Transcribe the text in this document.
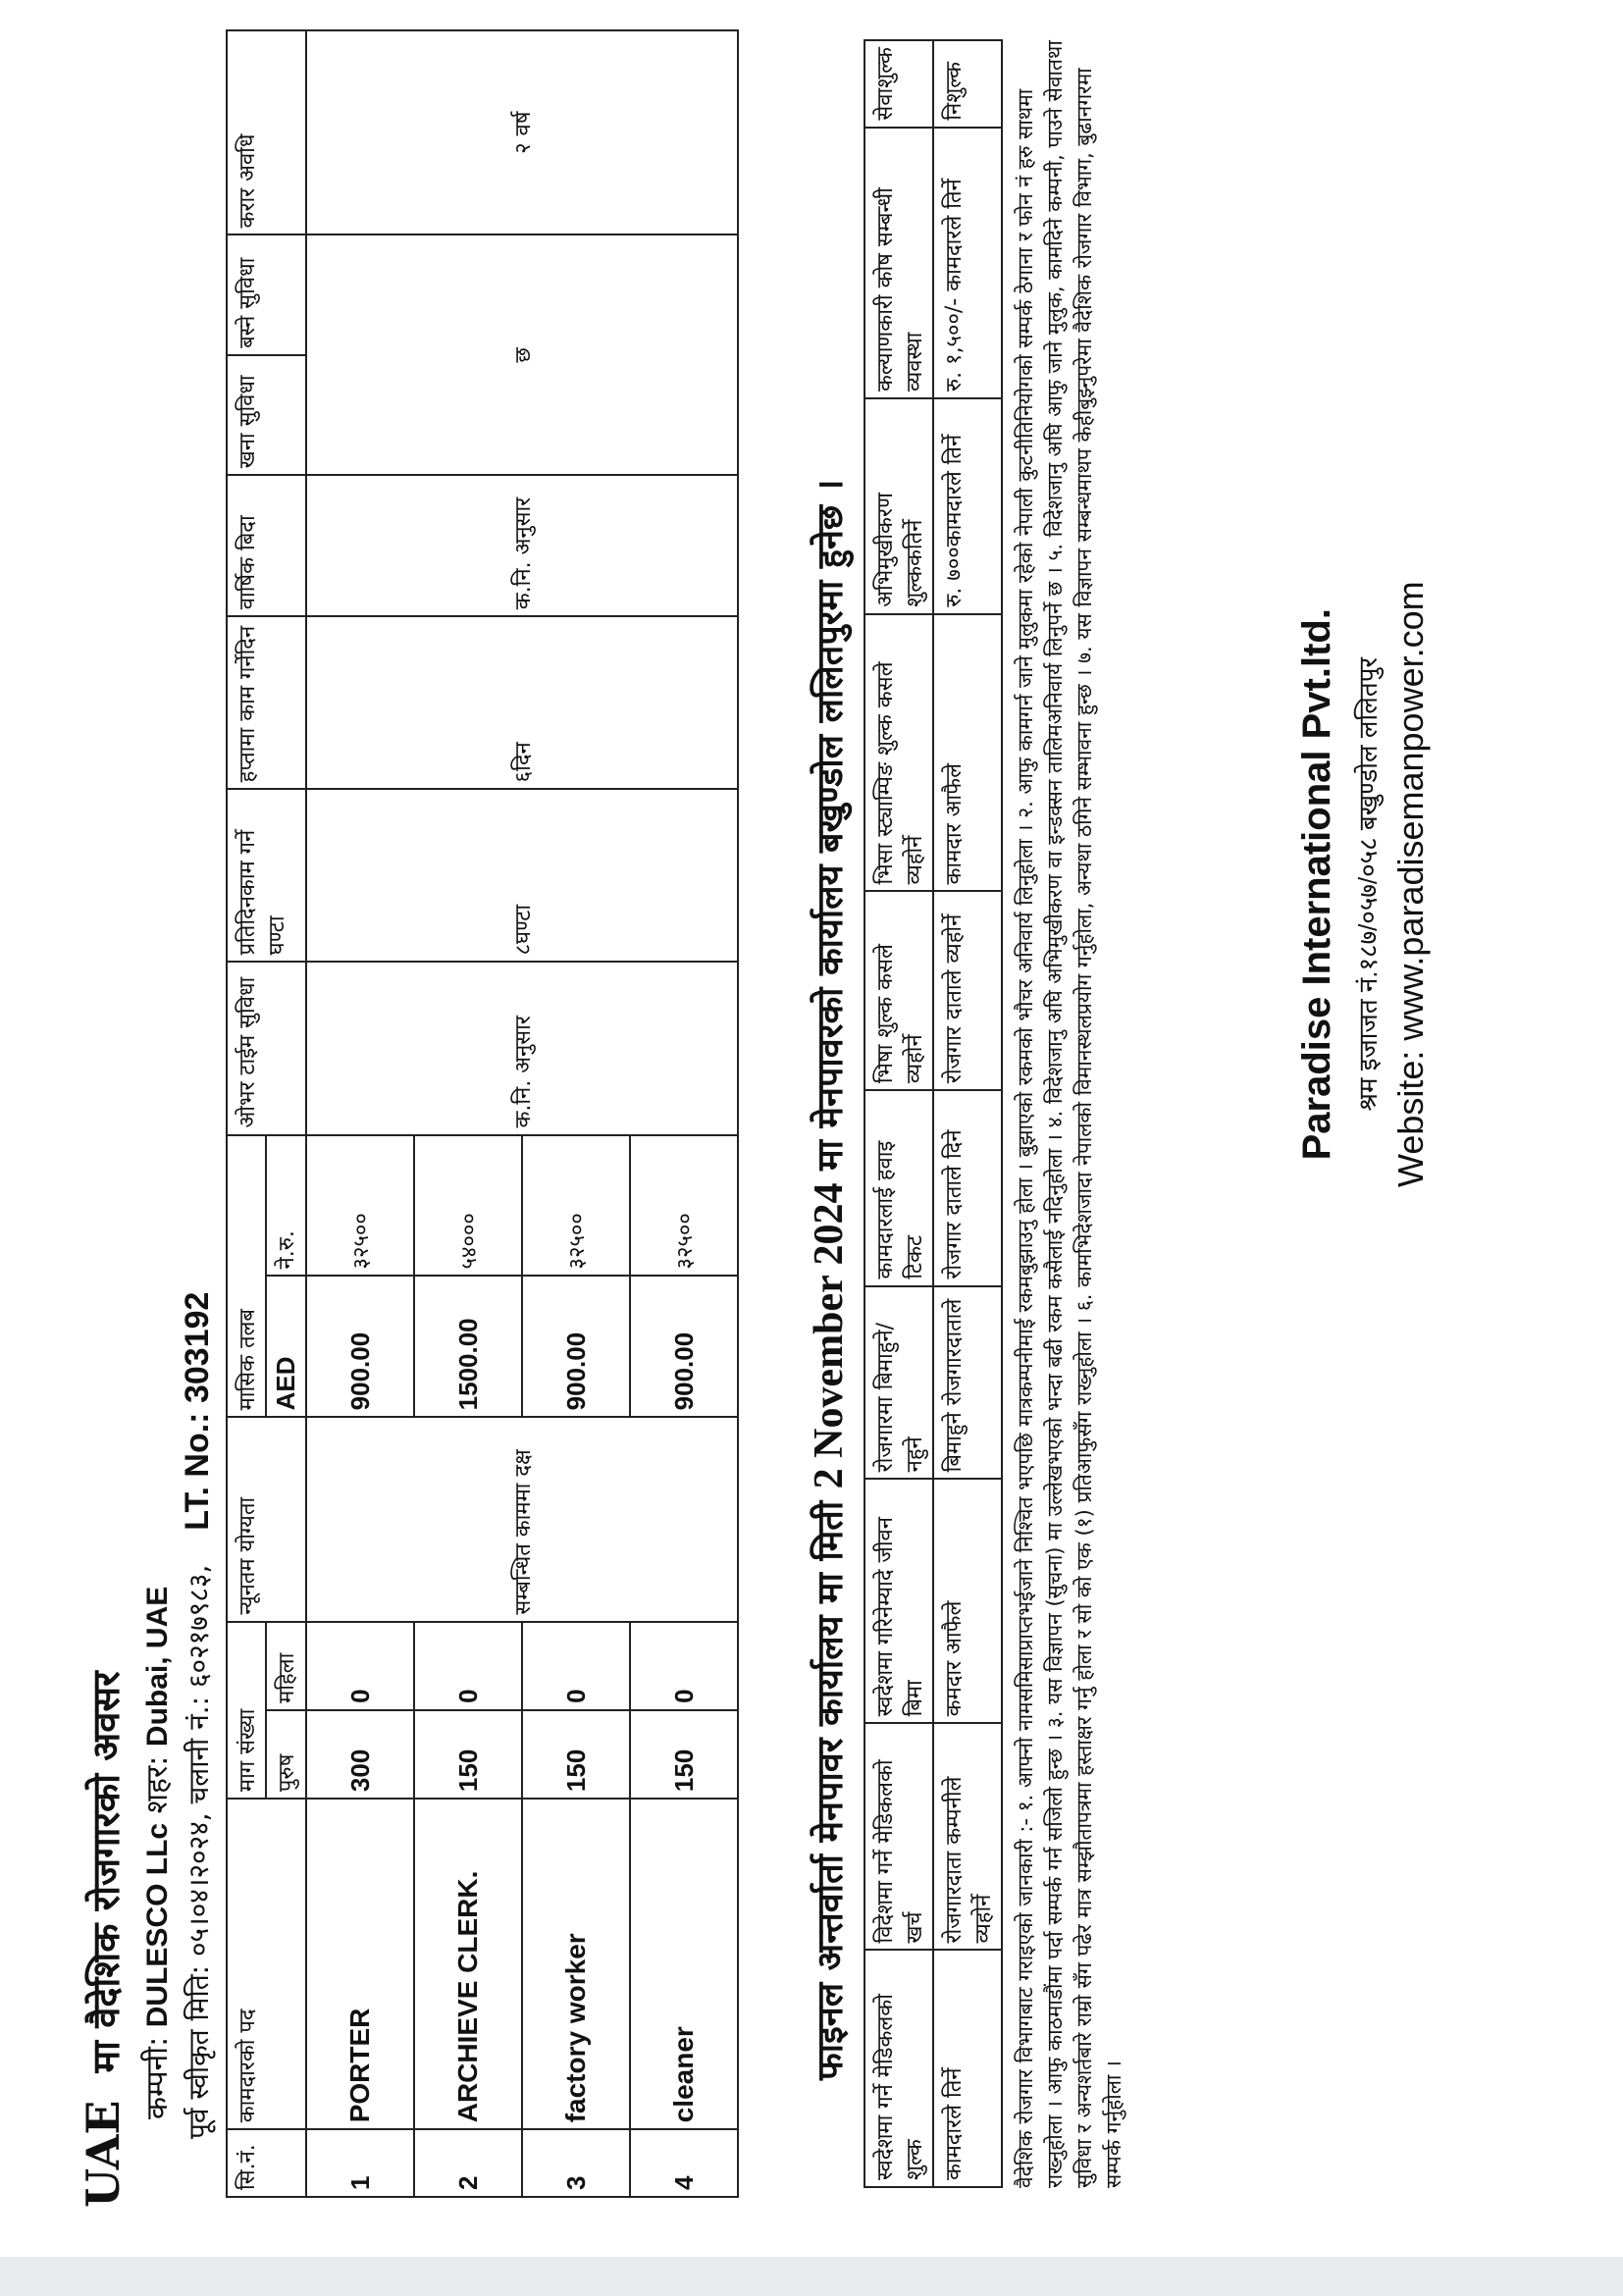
UAEमा वैदेशिक रोजगारको अवसर
कम्पनी: DULESCO LLc शहर: Dubai, UAE पूर्व स्वीकृत मिति: ०५।०४।२०२४, चलानी नं.: ६०२१७९८३, LT. No.: 303192
सि.नं.	कामदारको पद	माग संख्या		न्यूनतम योग्यता	मासिक तलब		ओभर टाईम सुविधा	प्रतिदिनकाम गर्ने घण्टा	हप्तामा काम गर्नेदिन	वार्षिक बिदा	खना सुविधा	बस्ने सुविधा	करार अवधि
		पुरुष	महिला		AED	ने.रु.							
1	PORTER	300	0	सम्बन्धित काममा दक्ष	900.00	३२५००	क.नि. अनुसार	८घण्टा	६दिन	क.नि. अनुसार	छ		२ वर्ष
2	ARCHIEVE CLERK.	150	0		1500.00	५४०००							
3	factory worker	150	0		900.00	३२५००							
4	cleaner	150	0		900.00	३२५००							
फाइनल अन्तर्वार्ता मेनपावर कार्यालय मा मिती 2 November 2024 मा मेनपावरको कार्यालय बखुण्डोल ललितपुरमा हुनेछ ।
स्वदेशमा गर्ने मेडिकलको शुल्क	विदेशमा गर्ने मेडिकलको खर्च	स्वदेशमा गरिनेम्यादे जीवन बिमा	रोजगारमा बिमाहुने/नहुने	कामदारलाई हवाइ टिकट	भिषा शुल्क कसले व्यहोर्ने	भिसा स्ट्याम्पिङ शुल्क कसले व्यहोर्ने	अभिमुखीकरण शुल्ककतिर्ने	कल्याणकारी कोष सम्बन्धी व्यवस्था	सेवाशुल्क
कामदारले तिर्ने	रोजगारदाता कम्पनीले व्यहोर्ने	कमदार आफैले	बिमाहुने रोजगारदाताले	रोजगार दाताले दिने	रोजगार दाताले व्यहोर्ने	कामदार आफैले	रु. ७००कामदारले तिर्ने	रु. १,५००/- कामदारले तिर्ने	निशुल्क वैदेशिक रोजगार विभागबाट गराइएको जानकारी :- १. आफ्नो नामसमिसाप्राप्तभईजाने निश्चित भएपछि मात्रकम्पनीमाई रकमबुझाउनु होला । बुझाएको रकमको भौचर अनिवार्य लिनुहोला । २. आफु कामगर्न जाने मुलुकमा रहेको नेपाली कुटनीतिनियोगको सम्पर्क ठेगाना र फोन नं हरु साथमा राख्नुहोला । आफु काठमाडौंमा पर्दा सम्पर्क गर्न सजिलो हुन्छ । ३. यस विज्ञापन (सुचना) मा उल्लेखभएको भन्दा बढी रकम कसैलाई नदिनुहोला । ४. विदेशजानु अघि अभिमुखीकरण वा इन्डक्सन तालिमअनिवार्य लिनुपर्ने छ । ५. विदेशजानु अघि आफु जाने मुलुक, कामदिने कम्पनी, पाउने सेवातथा सुविधा र अन्यशर्तबारे राम्रो सँग पढेर मात्र सम्झौतापत्रमा हस्ताक्षर गर्नु होला र सो को एक (१) प्रतिआफुसँग राख्नुहोला । ६. कामभिदेशजादा नेपालको विमानस्थलप्रयोग गर्नुहोला, अन्यथा ठगिने सम्भावना हुन्छ । ७. यस विज्ञापन सम्बन्धमाथप केहीबुझ्नुपरेमा वैदेशिक रोजगार विभाग, बुढानगरमा सम्पर्क गर्नुहोला ।
Paradise International Pvt.ltd. श्रम इजाजत नं.१८७/०५७/०५८ बखुण्डोल ललितपुर Website: www.paradisemanpower.com
